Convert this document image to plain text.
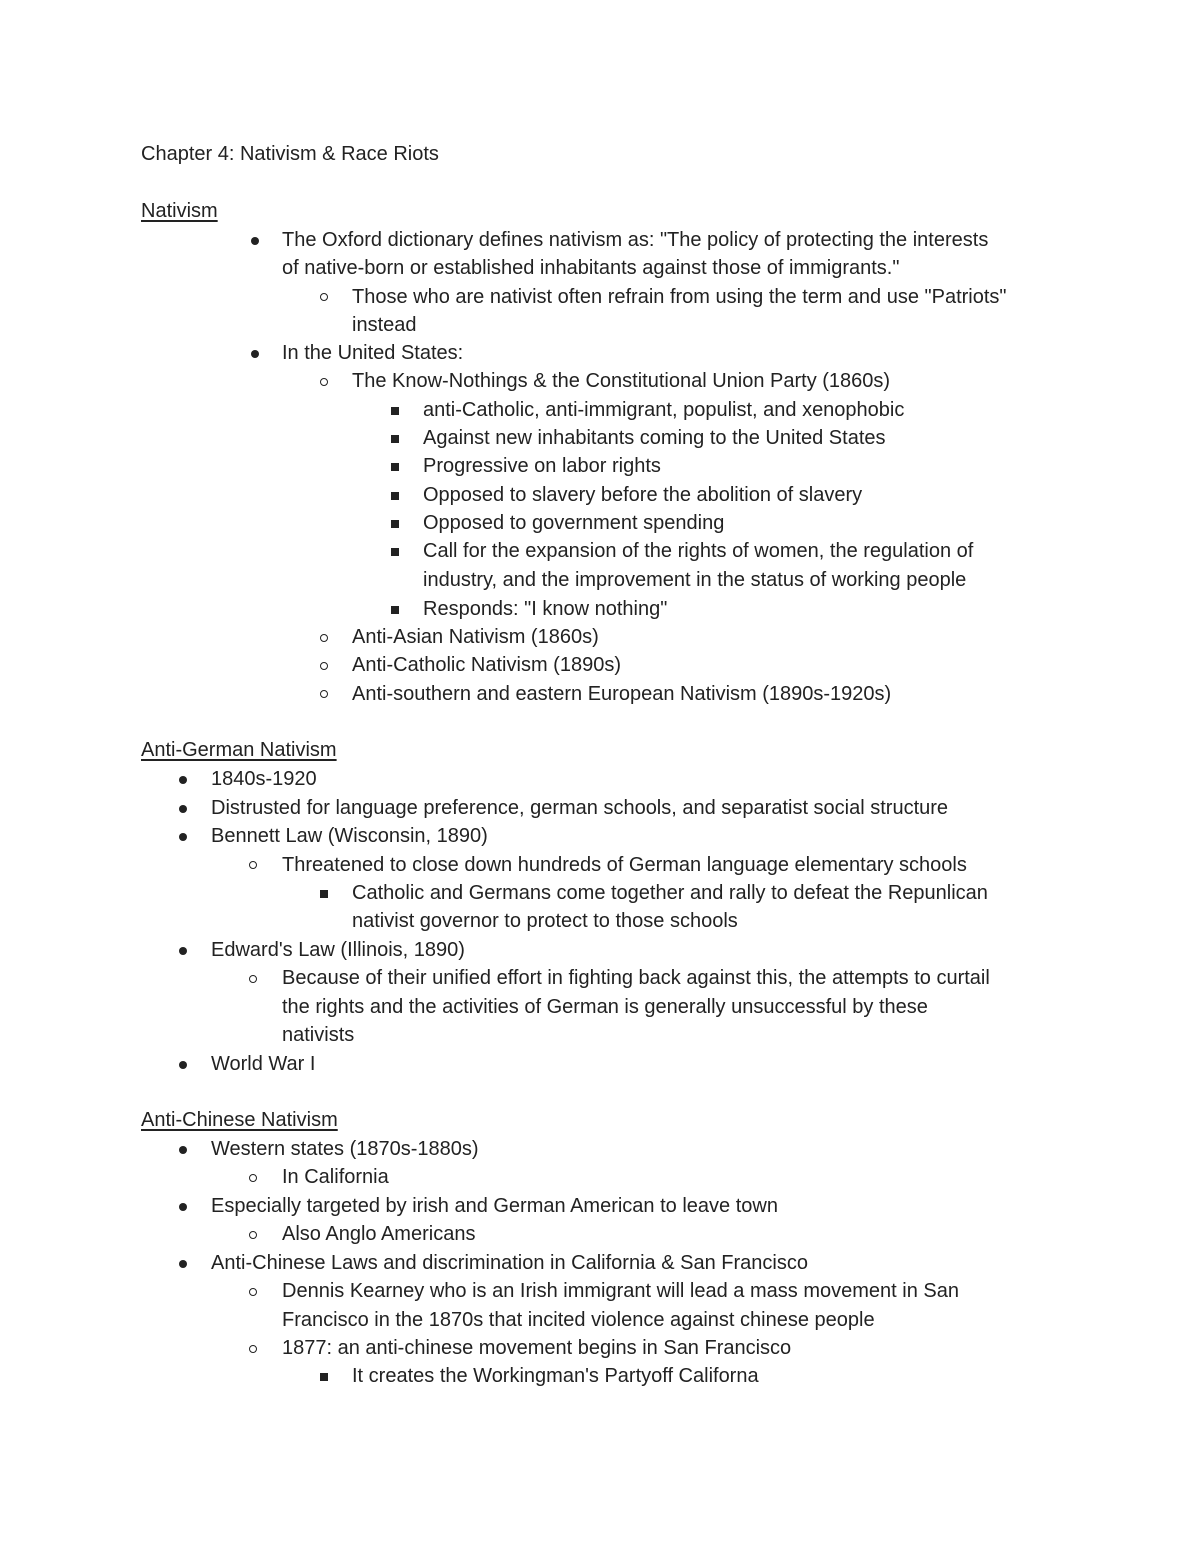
Chapter 4: Nativism & Race Riots
Nativism
The Oxford dictionary defines nativism as: "The policy of protecting the interests
of native-born or established inhabitants against those of immigrants."
Those who are nativist often refrain from using the term and use "Patriots"
instead
In the United States:
The Know-Nothings & the Constitutional Union Party (1860s)
anti-Catholic, anti-immigrant, populist, and xenophobic
Against new inhabitants coming to the United States
Progressive on labor rights
Opposed to slavery before the abolition of slavery
Opposed to government spending
Call for the expansion of the rights of women, the regulation of
industry, and the improvement in the status of working people
Responds: "I know nothing"
Anti-Asian Nativism (1860s)
Anti-Catholic Nativism (1890s)
Anti-southern and eastern European Nativism (1890s-1920s)
Anti-German Nativism
1840s-1920
Distrusted for language preference, german schools, and separatist social structure
Bennett Law (Wisconsin, 1890)
Threatened to close down hundreds of German language elementary schools
Catholic and Germans come together and rally to defeat the Repunlican
nativist governor to protect to those schools
Edward's Law (Illinois, 1890)
Because of their unified effort in fighting back against this, the attempts to curtail
the rights and the activities of German is generally unsuccessful by these
nativists
World War I
Anti-Chinese Nativism
Western states (1870s-1880s)
In California
Especially targeted by irish and German American to leave town
Also Anglo Americans
Anti-Chinese Laws and discrimination in California & San Francisco
Dennis Kearney who is an Irish immigrant will lead a mass movement in San
Francisco in the 1870s that incited violence against chinese people
1877: an anti-chinese movement begins in San Francisco
It creates the Workingman's Partyoff Californa
